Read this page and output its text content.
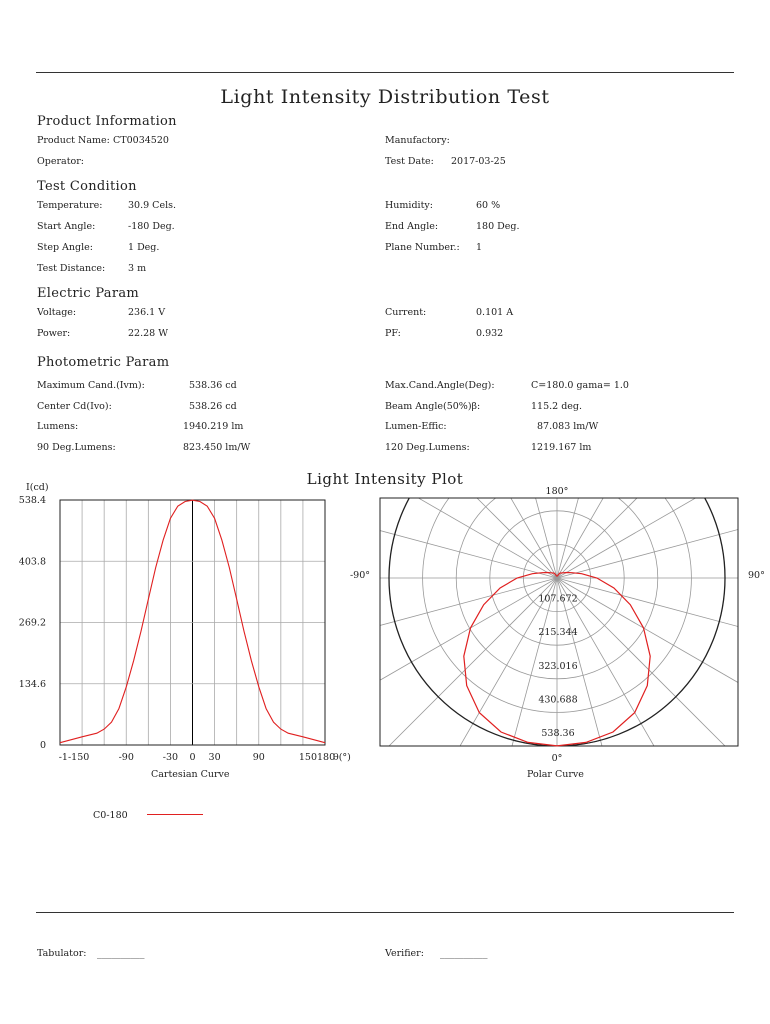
Light Intensity Distribution Test
Product Information
Product Name: CT0034520	Manufactory:
Operator:	Test Date: 2017-03-25
Test Condition
Temperature:	30.9 Cels.	Humidity:	60 %
Start Angle:	-180 Deg.	End Angle:	180 Deg.
Step Angle:	1 Deg.	Plane Number.: 1
Test Distance: 3 m
Electric Param
Voltage:	236.1 V	Current:	0.101 A
Power:	22.28 W	PF:	0.932
Photometric Param
Maximum Cand.(Ivm):	538.36 cd	Max.Cand.Angle(Deg):	C=180.0 gama= 1.0
Center Cd(Ivo):	538.26 cd	Beam Angle(50%)β:	115.2 deg.
Lumens:	1940.219 lm	Lumen-Effic:	87.083 lm/W
90 Deg.Lumens:	823.450 lm/W	120 Deg.Lumens:	1219.167 lm
Light Intensity Plot
538.4
403.8
269.2
134.6
0
I(cd)
-1-150	-90	-30 0 30	90	150180
θ(°)
Cartesian Curve
107.672
215.344
323.016
430.688
538.36
180°
-90°	90°
0°
Polar Curve
C0-180
Tabulator: __________	Verifier: __________
